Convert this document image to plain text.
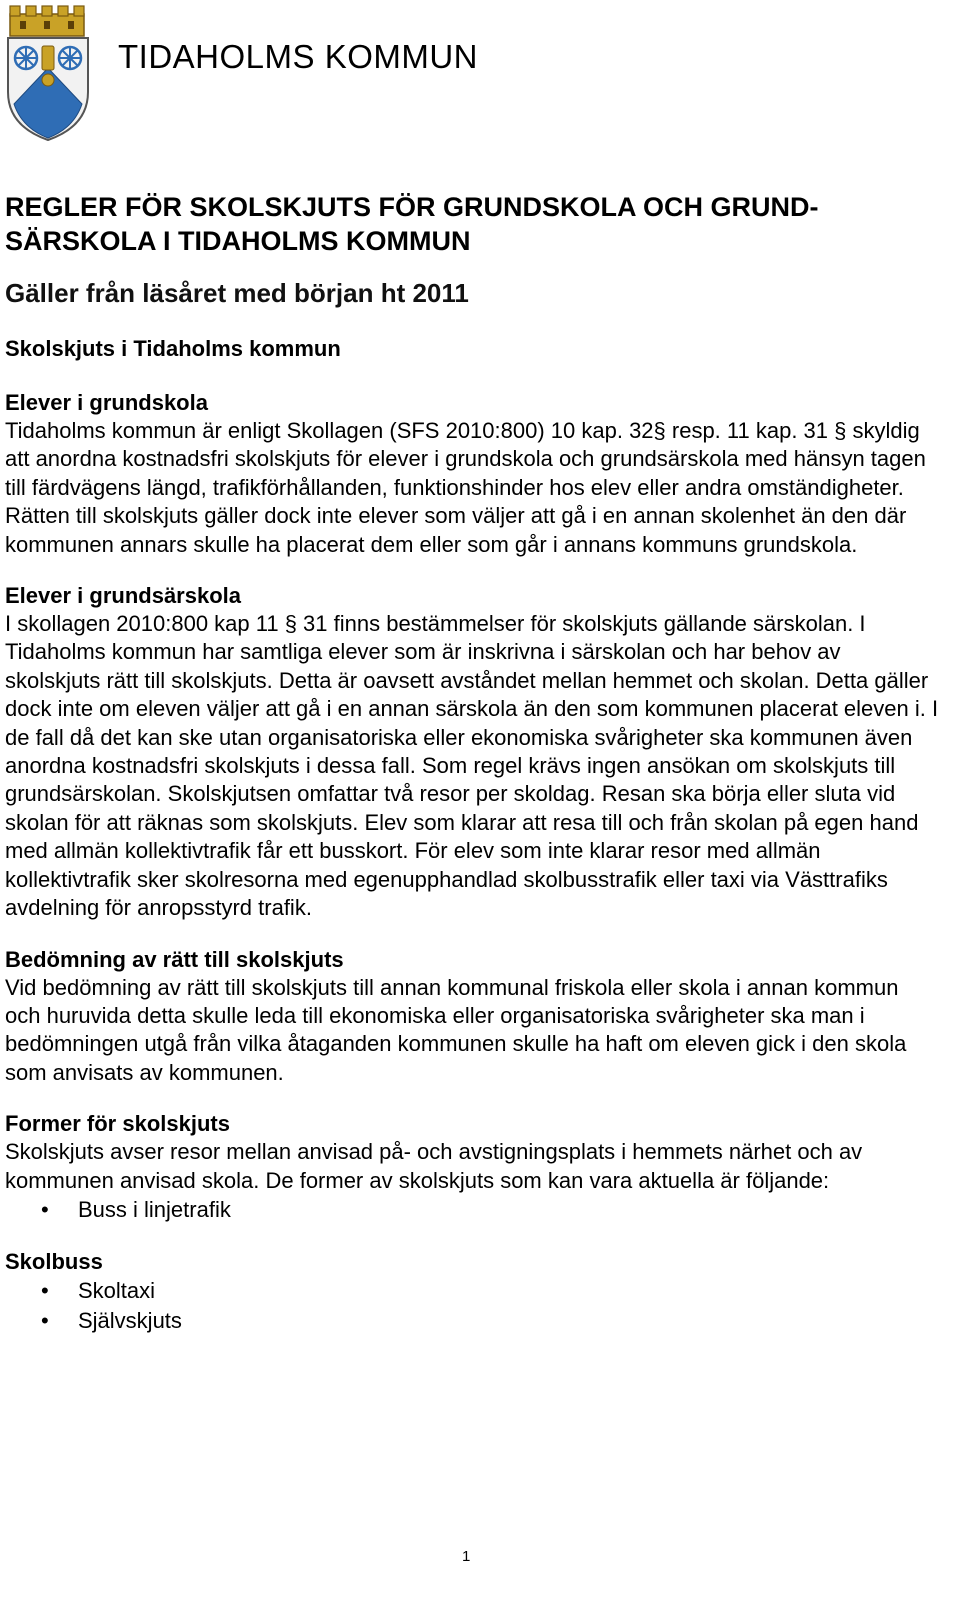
TIDAHOLMS KOMMUN
REGLER FÖR SKOLSKJUTS FÖR GRUNDSKOLA OCH GRUND-
SÄRSKOLA I TIDAHOLMS KOMMUN
Gäller från läsåret med början ht 2011
Skolskjuts i Tidaholms kommun

Elever i grundskola

Tidaholms kommun är enligt Skollagen (SFS 2010:800) 10 kap. 32§ resp. 11 kap. 31 § skyldig att anordna kostnadsfri skolskjuts för elever i grundskola och grundsärskola med hänsyn tagen till färdvägens längd, trafikförhållanden, funktionshinder hos elev eller andra omständigheter. Rätten till skolskjuts gäller dock inte elever som väljer att gå i en annan skolenhet än den där kommunen annars skulle ha placerat dem eller som går i annans kommuns grundskola.

Elever i grundsärskola

I skollagen 2010:800 kap 11 § 31 finns bestämmelser för skolskjuts gällande särskolan. I Tidaholms kommun har samtliga elever som är inskrivna i särskolan och har behov av skolskjuts rätt till skolskjuts. Detta är oavsett avståndet mellan hemmet och skolan. Detta gäller dock inte om eleven väljer att gå i en annan särskola än den som kommunen placerat eleven i. I de fall då det kan ske utan organisatoriska eller ekonomiska svårigheter ska kommunen även anordna kostnadsfri skolskjuts i dessa fall. Som regel krävs ingen ansökan om skolskjuts till grundsärskolan. Skolskjutsen omfattar två resor per skoldag. Resan ska börja eller sluta vid skolan för att räknas som skolskjuts. Elev som klarar att resa till och från skolan på egen hand med allmän kollektivtrafik får ett busskort. För elev som inte klarar resor med allmän kollektivtrafik sker skolresorna med egenupphandlad skolbusstrafik eller taxi via Västtrafiks avdelning för anropsstyrd trafik.

Bedömning av rätt till skolskjuts

Vid bedömning av rätt till skolskjuts till annan kommunal friskola eller skola i annan kommun och huruvida detta skulle leda till ekonomiska eller organisatoriska svårigheter ska man i bedömningen utgå från vilka åtaganden kommunen skulle ha haft om eleven gick i den skola som anvisats av kommunen.

Former för skolskjuts

Skolskjuts avser resor mellan anvisad på- och avstigningsplats i hemmets närhet och av kommunen anvisad skola. De former av skolskjuts som kan vara aktuella är följande:

• Buss i linjetrafik

Skolbuss

• Skoltaxi
• Självskjuts
1
